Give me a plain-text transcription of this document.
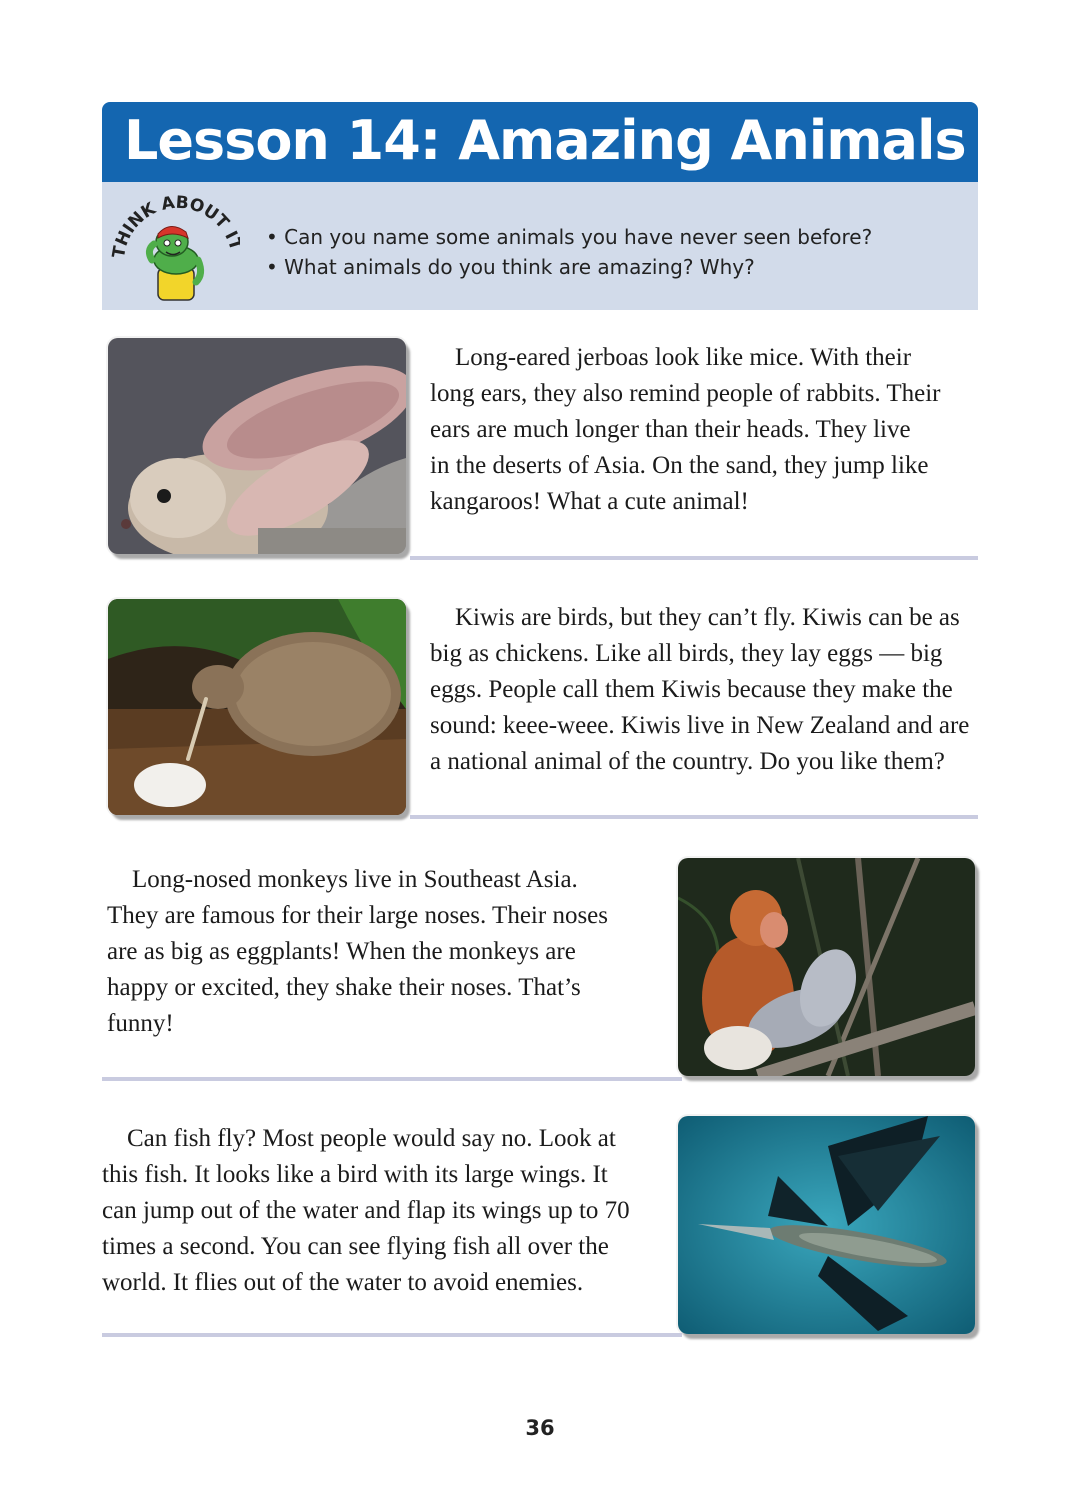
Lesson 14: Amazing Animals
THINK ABOUT I • Can you name some animals you have never seen before?
• What animals do you think are amazing? Why?
 Long-eared jerboas look like mice. With their
long ears, they also remind people of rabbits. Their
ears are much longer than their heads. They live
in the deserts of Asia. On the sand, they jump like
kangaroos! What a cute animal!
 Kiwis are birds, but they can’t fly. Kiwis can be as
big as chickens. Like all birds, they lay eggs — big
eggs. People call them Kiwis because they make the
sound: keee-weee. Kiwis live in New Zealand and are
a national animal of the country. Do you like them?
 Long-nosed monkeys live in Southeast Asia.
They are famous for their large noses. Their noses
are as big as eggplants! When the monkeys are
happy or excited, they shake their noses. That’s
funny!
 Can fish fly? Most people would say no. Look at
this fish. It looks like a bird with its large wings. It
can jump out of the water and flap its wings up to 70
times a second. You can see flying fish all over the
world. It flies out of the water to avoid enemies.
36
